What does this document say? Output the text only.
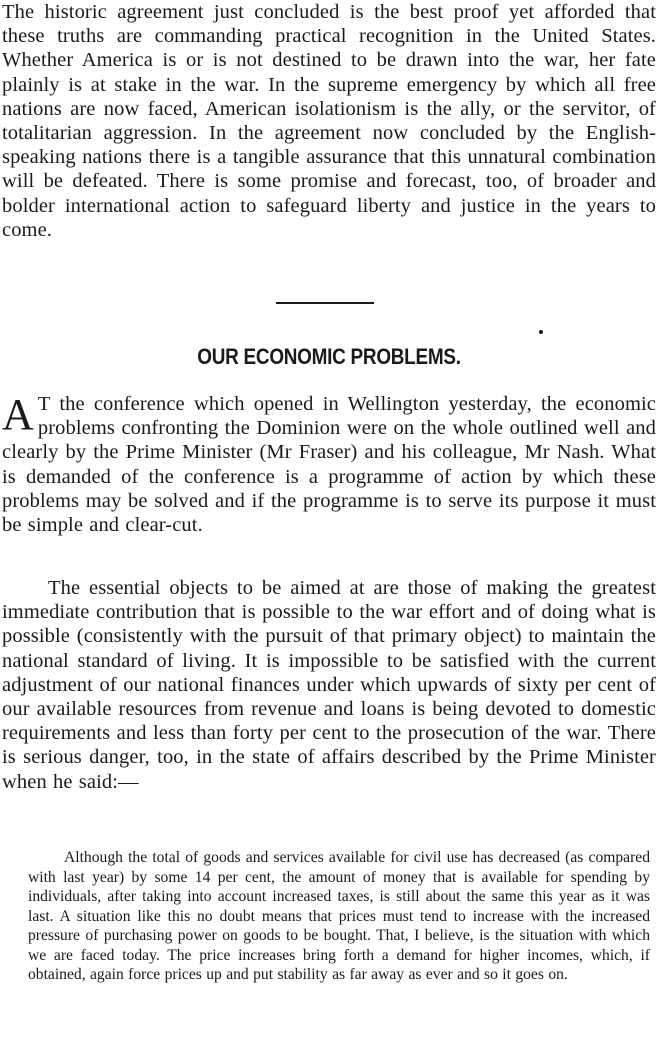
The historic agreement just concluded is the best proof yet afforded that these truths are commanding practical recognition in the United States. Whether America is or is not destined to be drawn into the war, her fate plainly is at stake in the war. In the supreme emergency by which all free nations are now faced, American isolationism is the ally, or the servitor, of totalitarian aggression. In the agreement now concluded by the English-speaking nations there is a tangible assurance that this unnatural combination will be defeated. There is some promise and forecast, too, of broader and bolder international action to safeguard liberty and justice in the years to come.

OUR ECONOMIC PROBLEMS.

A T the conference which opened in Wellington yesterday, the economic problems confronting the Dominion were on the whole outlined well and clearly by the Prime Minister (Mr Fraser) and his colleague, Mr Nash. What is demanded of the conference is a programme of action by which these problems may be solved and if the programme is to serve its purpose it must be simple and clear-cut.

The essential objects to be aimed at are those of making the greatest immediate contribution that is possible to the war effort and of doing what is possible (consistently with the pursuit of that primary object) to maintain the national standard of living. It is impossible to be satisfied with the current adjustment of our national finances under which upwards of sixty per cent of our available resources from revenue and loans is being devoted to domestic requirements and less than forty per cent to the prosecution of the war. There is serious danger, too, in the state of affairs described by the Prime Minister when he said:—

Although the total of goods and services available for civil use has decreased (as compared with last year) by some 14 per cent, the amount of money that is available for spending by individuals, after taking into account increased taxes, is still about the same this year as it was last. A situation like this no doubt means that prices must tend to increase with the increased pressure of purchasing power on goods to be bought. That, I believe, is the situation with which we are faced today. The price increases bring forth a demand for higher incomes, which, if obtained, again force prices up and put stability as far away as ever and so it goes on.
